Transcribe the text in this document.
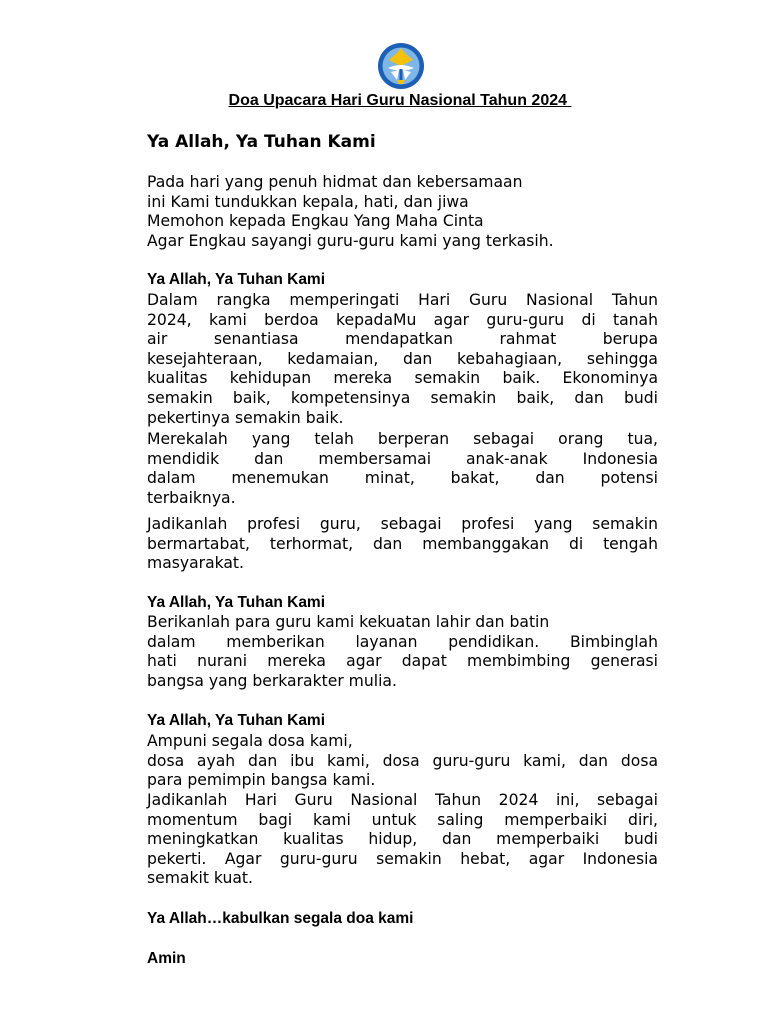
Doa Upacara Hari Guru Nasional Tahun 2024
Ya Allah, Ya Tuhan Kami
Pada hari yang penuh hidmat dan kebersamaan
ini Kami tundukkan kepala, hati, dan jiwa
Memohon kepada Engkau Yang Maha Cinta
Agar Engkau sayangi guru-guru kami yang terkasih.
Ya Allah, Ya Tuhan Kami
Dalam rangka memperingati Hari Guru Nasional Tahun
2024, kami berdoa kepadaMu agar guru-guru di tanah
air senantiasa mendapatkan rahmat berupa
kesejahteraan, kedamaian, dan kebahagiaan, sehingga
kualitas kehidupan mereka semakin baik. Ekonominya
semakin baik, kompetensinya semakin baik, dan budi
pekertinya semakin baik.
Merekalah yang telah berperan sebagai orang tua,
mendidik dan membersamai anak-anak Indonesia
dalam menemukan minat, bakat, dan potensi
terbaiknya.
Jadikanlah profesi guru, sebagai profesi yang semakin
bermartabat, terhormat, dan membanggakan di tengah
masyarakat.
Ya Allah, Ya Tuhan Kami
Berikanlah para guru kami kekuatan lahir dan batin
dalam memberikan layanan pendidikan. Bimbinglah
hati nurani mereka agar dapat membimbing generasi
bangsa yang berkarakter mulia.
Ya Allah, Ya Tuhan Kami
Ampuni segala dosa kami,
dosa ayah dan ibu kami, dosa guru-guru kami, dan dosa
para pemimpin bangsa kami.
Jadikanlah Hari Guru Nasional Tahun 2024 ini, sebagai
momentum bagi kami untuk saling memperbaiki diri,
meningkatkan kualitas hidup, dan memperbaiki budi
pekerti. Agar guru-guru semakin hebat, agar Indonesia
semakit kuat.
Ya Allah…kabulkan segala doa kami
Amin
